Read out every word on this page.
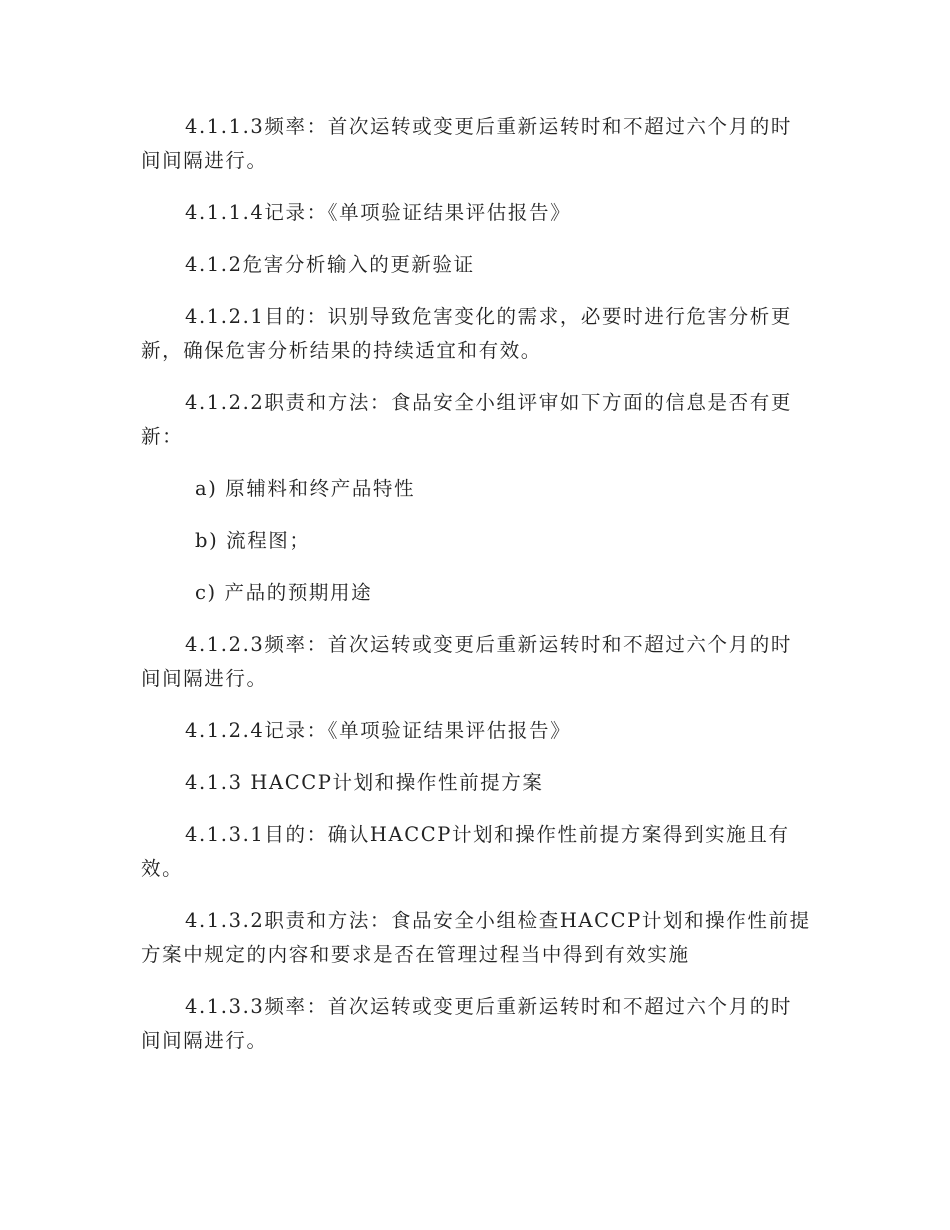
4.1.1.3频率：首次运转或变更后重新运转时和不超过六个月的时间间隔进行。

4.1.1.4记录：《单项验证结果评估报告》

4.1.2危害分析输入的更新验证

4.1.2.1目的：识别导致危害变化的需求，必要时进行危害分析更新，确保危害分析结果的持续适宜和有效。

4.1.2.2职责和方法：食品安全小组评审如下方面的信息是否有更新：

a) 原辅料和终产品特性

b) 流程图；

c) 产品的预期用途

4.1.2.3频率：首次运转或变更后重新运转时和不超过六个月的时间间隔进行。

4.1.2.4记录：《单项验证结果评估报告》

4.1.3 HACCP计划和操作性前提方案

4.1.3.1目的：确认HACCP计划和操作性前提方案得到实施且有效。

4.1.3.2职责和方法：食品安全小组检查HACCP计划和操作性前提方案中规定的内容和要求是否在管理过程当中得到有效实施

4.1.3.3频率：首次运转或变更后重新运转时和不超过六个月的时间间隔进行。
